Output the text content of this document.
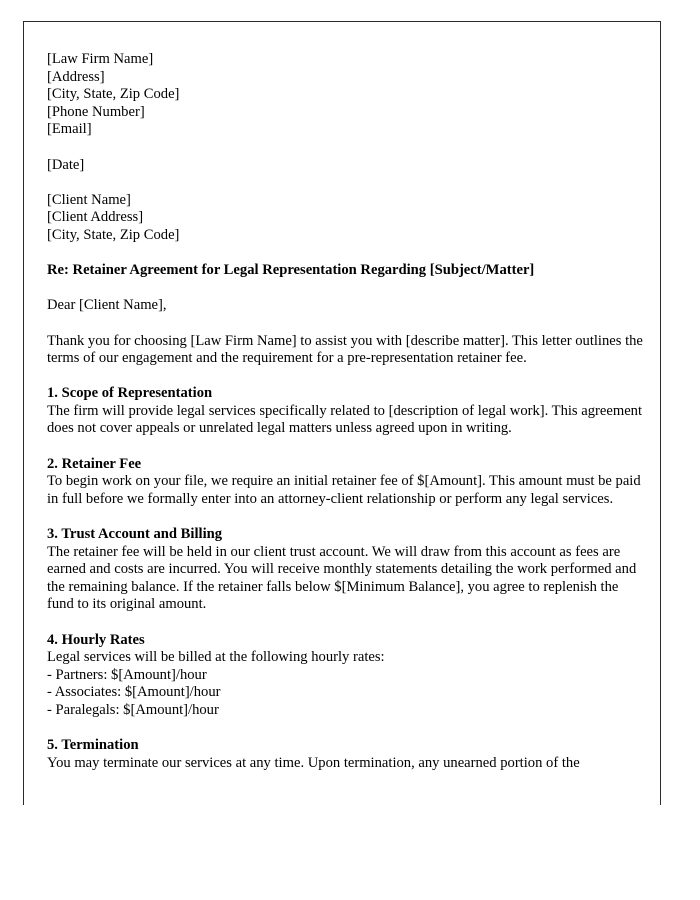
[Law Firm Name]
[Address]
[City, State, Zip Code]
[Phone Number]
[Email]
[Date]
[Client Name]
[Client Address]
[City, State, Zip Code]
Re: Retainer Agreement for Legal Representation Regarding [Subject/Matter]
Dear [Client Name],
Thank you for choosing [Law Firm Name] to assist you with [describe matter]. This letter outlines the terms of our engagement and the requirement for a pre-representation retainer fee.
1. Scope of Representation
The firm will provide legal services specifically related to [description of legal work]. This agreement does not cover appeals or unrelated legal matters unless agreed upon in writing.
2. Retainer Fee
To begin work on your file, we require an initial retainer fee of $[Amount]. This amount must be paid in full before we formally enter into an attorney-client relationship or perform any legal services.
3. Trust Account and Billing
The retainer fee will be held in our client trust account. We will draw from this account as fees are earned and costs are incurred. You will receive monthly statements detailing the work performed and the remaining balance. If the retainer falls below $[Minimum Balance], you agree to replenish the fund to its original amount.
4. Hourly Rates
Legal services will be billed at the following hourly rates:
- Partners: $[Amount]/hour
- Associates: $[Amount]/hour
- Paralegals: $[Amount]/hour
5. Termination
You may terminate our services at any time. Upon termination, any unearned portion of the
